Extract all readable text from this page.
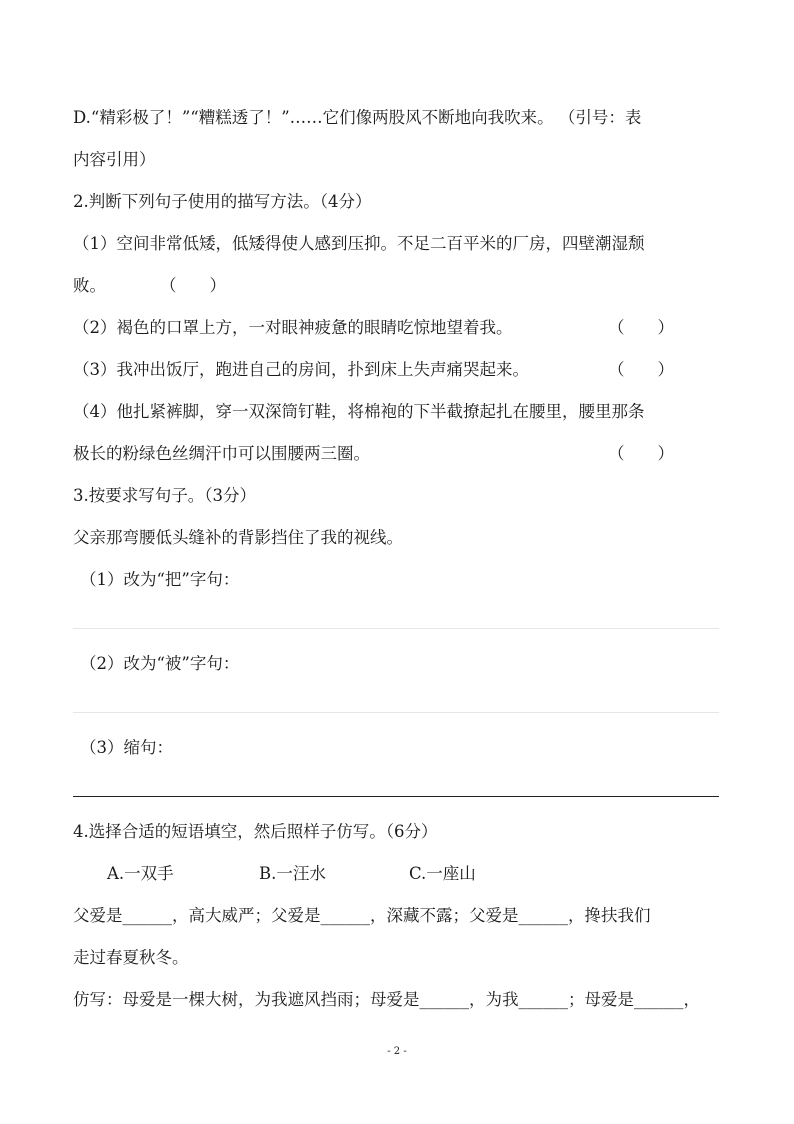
D.“精彩极了！”“糟糕透了！”……它们像两股风不断地向我吹来。 （引号：表
内容引用）
2.判断下列句子使用的描写方法。（4分）
（1）空间非常低矮，低矮得使人感到压抑。不足二百平米的厂房，四壁潮湿颓
败。	（　　）
（2）褐色的口罩上方，一对眼神疲惫的眼睛吃惊地望着我。	（　　）
（3）我冲出饭厅，跑进自己的房间，扑到床上失声痛哭起来。	（　　）
（4）他扎紧裤脚，穿一双深筒钉鞋，将棉袍的下半截撩起扎在腰里，腰里那条
极长的粉绿色丝绸汗巾可以围腰两三圈。	（　　）
3.按要求写句子。（3分）
父亲那弯腰低头缝补的背影挡住了我的视线。
（1）改为“把”字句：
（2）改为“被”字句：
（3）缩句：
4.选择合适的短语填空，然后照样子仿写。（6分）
A.一双手	B.一汪水	C.一座山
父爱是______，高大威严；父爱是______，深藏不露；父爱是______，搀扶我们
走过春夏秋冬。
仿写：母爱是一棵大树，为我遮风挡雨；母爱是______，为我______；母爱是______，
- 2 -
